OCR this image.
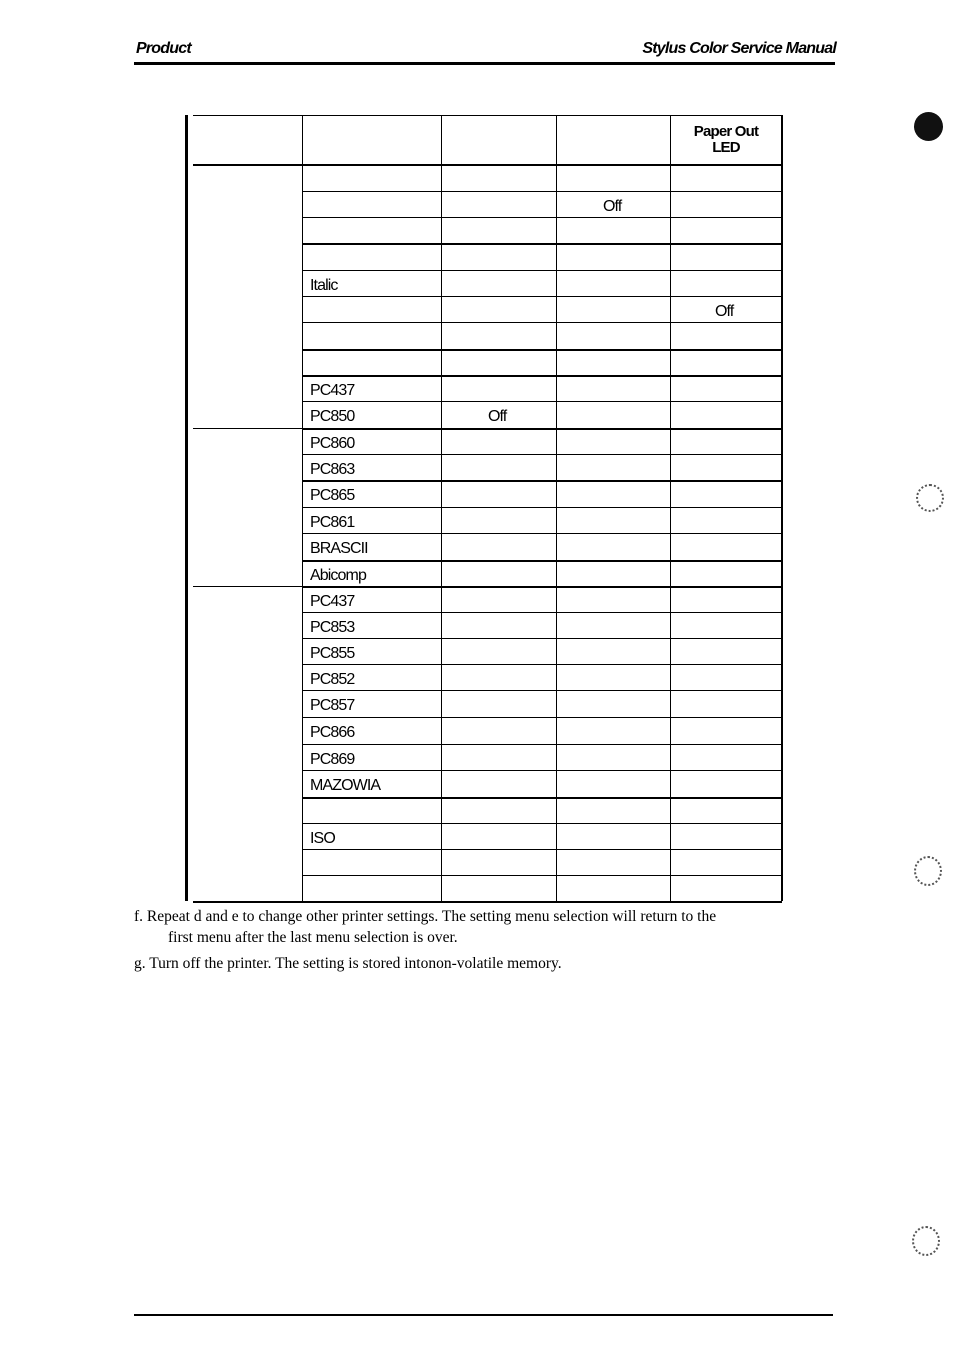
Product	Stylus Color Service Manual
Paper Out
LED
Off
Italic
Off
PC437
PC850	Off
PC860
PC863
PC865
PC861
BRASCII
Abicomp
PC437
PC853
PC855
PC852
PC857
PC866
PC869
MAZOWIA
ISO
f. Repeat d and e to change other printer settings. The setting menu selection will return to the
first menu after the last menu selection is over.
g. Turn off the printer. The setting is stored intonon-volatile memory.
